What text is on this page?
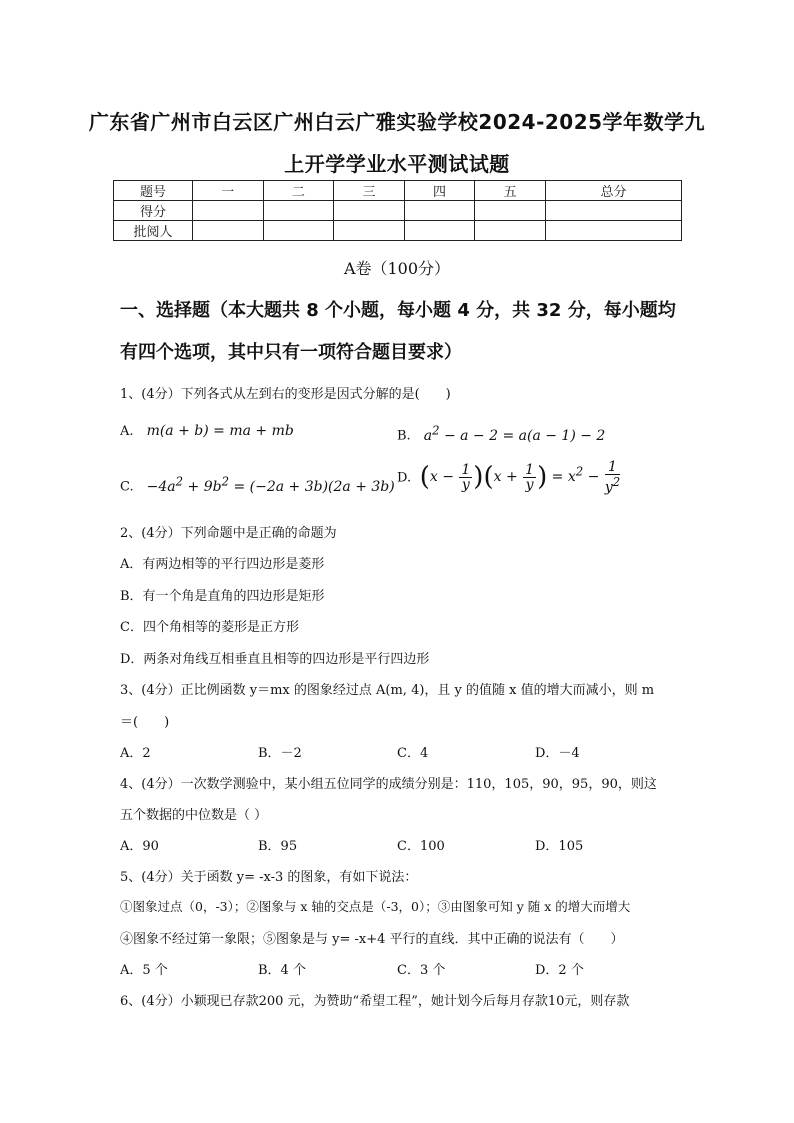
广东省广州市白云区广州白云广雅实验学校2024-2025学年数学九
上开学学业水平测试试题
题号	一	二	三	四	五	总分
得分						
批阅人						
A卷（100分）
一、选择题（本大题共 8 个小题，每小题 4 分，共 32 分，每小题均
有四个选项，其中只有一项符合题目要求）
1、(4分）下列各式从左到右的变形是因式分解的是(　　)
A.   m(a + b) = ma + mb	B.   $a^2 - a - 2 = a(a - 1) - 2$
C.   $-4a^2 + 9b^2 = (-2a + 3b)(2a + 3b)$
D. $(x - \frac{1}{y} )(x + \frac{1}{y}$ ) = $x^2 - \frac{1}{y^2}$
2、(4分）下列命题中是正确的命题为
A．有两边相等的平行四边形是菱形
B．有一个角是直角的四边形是矩形
C．四个角相等的菱形是正方形
D．两条对角线互相垂直且相等的四边形是平行四边形
3、(4分）正比例函数 y＝mx 的图象经过点 A(m, 4)，且 y 的值随 x 值的增大而减小，则 m
＝(　　)
A．2	B．－2	C．4	D．－4
4、(4分）一次数学测验中，某小组五位同学的成绩分别是：110，105，90，95，90，则这
五个数据的中位数是（ ）
A．90	B．95	C．100	D．105
5、(4分）关于函数 y= -x-3 的图象，有如下说法：
①图象过点（0，-3）；②图象与 x 轴的交点是（-3，0）；③由图象可知 y 随 x 的增大而增大
④图象不经过第一象限；⑤图象是与 y= -x+4 平行的直线．其中正确的说法有（　　）
A．5 个	B．4 个	C．3 个	D．2 个
6、(4分）小颖现已存款200 元，为赞助“希望工程”，她计划今后每月存款10元，则存款
